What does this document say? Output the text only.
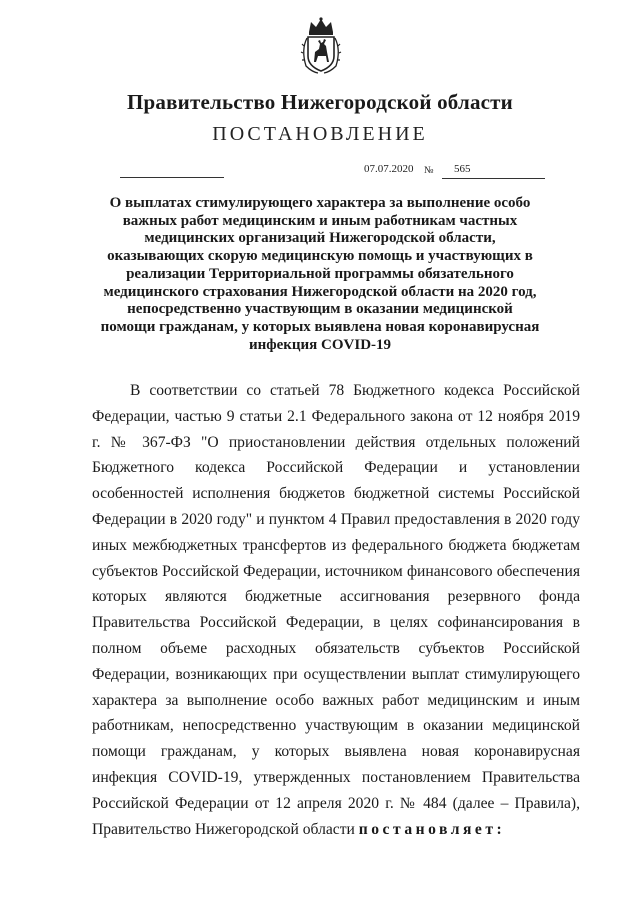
Правительство Нижегородской области
ПОСТАНОВЛЕНИЕ
07.07.2020 № 565

О выплатах стимулирующего характера за выполнение особо важных работ медицинским и иным работникам частных медицинских организаций Нижегородской области, оказывающих скорую медицинскую помощь и участвующих в реализации Территориальной программы обязательного медицинского страхования Нижегородской области на 2020 год, непосредственно участвующим в оказании медицинской помощи гражданам, у которых выявлена новая коронавирусная инфекция COVID-19

В соответствии со статьей 78 Бюджетного кодекса Российской Федерации, частью 9 статьи 2.1 Федерального закона от 12 ноября 2019 г. № 367-ФЗ "О приостановлении действия отдельных положений Бюджетного кодекса Российской Федерации и установлении особенностей исполнения бюджетов бюджетной системы Российской Федерации в 2020 году" и пунктом 4 Правил предоставления в 2020 году иных межбюджетных трансфертов из федерального бюджета бюджетам субъектов Российской Федерации, источником финансового обеспечения которых являются бюджетные ассигнования резервного фонда Правительства Российской Федерации, в целях софинансирования в полном объеме расходных обязательств субъектов Российской Федерации, возникающих при осуществлении выплат стимулирующего характера за выполнение особо важных работ медицинским и иным работникам, непосредственно участвующим в оказании медицинской помощи гражданам, у которых выявлена новая коронавирусная инфекция COVID-19, утвержденных постановлением Правительства Российской Федерации от 12 апреля 2020 г. № 484 (далее – Правила), Правительство Нижегородской области постановляет:
